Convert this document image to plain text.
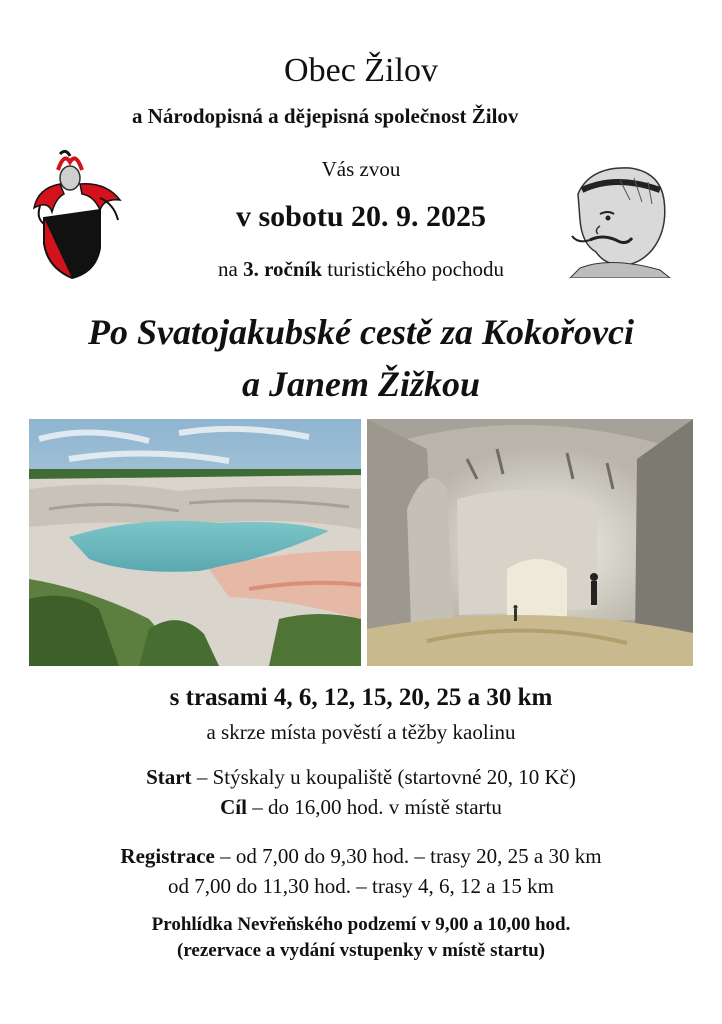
Obec Žilov
a Národopisná a dějepisná společnost Žilov
Vás zvou
v sobotu 20. 9. 2025
na 3. ročník turistického pochodu
Po Svatojakubské cestě za Kokořovci
a Janem Žižkou
s trasami 4, 6, 12, 15, 20, 25 a 30 km
a skrze místa pověstí a těžby kaolinu
Start – Stýskaly u koupaliště (startovné 20, 10 Kč)
Cíl – do 16,00 hod. v místě startu
Registrace – od 7,00 do 9,30 hod. – trasy 20, 25 a 30 km
od 7,00 do 11,30 hod. – trasy 4, 6, 12 a 15 km
Prohlídka Nevřeňského podzemí v 9,00 a 10,00 hod.
(rezervace a vydání vstupenky v místě startu)
